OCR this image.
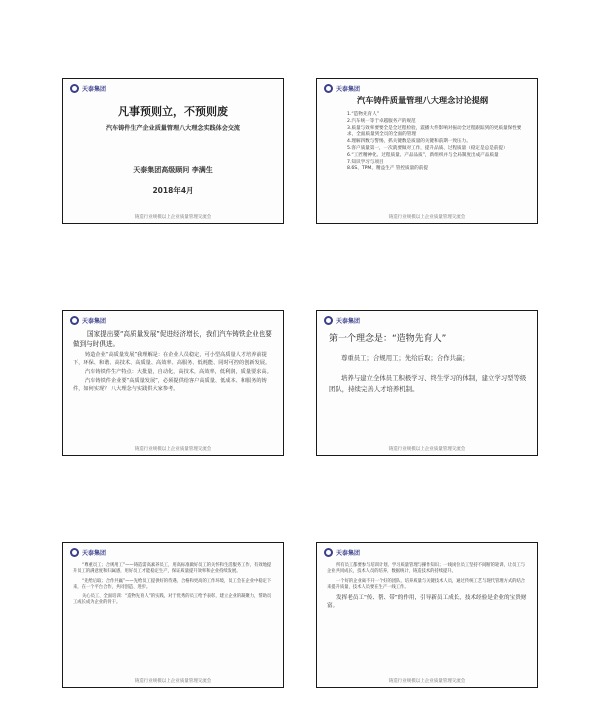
天泰集团
凡事预则立，不预则废
汽车铸件生产企业质量管理八大理念实践体会交流
天泰集团高级顾问 李满生
2018年4月
铸造行业规模以上企业质量管理交流会
天泰集团
汽车铸件质量管理八大理念讨论提纲
1.“造物先育人”
2.汽车统一等于卓越服务产的规范
3.质量与效率要要全是全过程检验，震播大件影响对振动全过程跟踪到的更质量保性要求，全面质量到全员的全面的管理
4.理解四数与警惕，抓关键数是质量的关键和前期一致压力。
5.客户质量第一，一次就要做对工作，提升品质、过程质量（稳定是总是前提）
6.“工匠精神化、过程质量、产品品质”，新组织并与全局制度出成产品质量
7.知识学习与项目
8.6S、TPM、精益生产 管控质量的前提
铸造行业规模以上企业质量管理交流会
天泰集团
国家提出要“高质量发展”促进经济增长，我们汽车铸铁企业也要做到与时俱进。
铸造企业“高质量发展”我理解是：在企业人员稳定，可小型高质量人才培养前提下，环保、和谐、高技术、高质量、高效率、高服务、低耗能、同时可控的创新发展。
汽车铸铁件生产特点：大批量，自动化，高技术，高效率，低利润，质量要求高。
汽车铸铁件企业要“高质量发展”，必须提供给客户高质量、低成本、和服务的铸件，如何实现？ 八大理念与实践供大家参考。
铸造行业规模以上企业质量管理交流会
天泰集团
第一个理念是：“造物先育人”
尊重员工；合规用工；先给后取；合作共赢；
培养与建立全体员工积极学习、终生学习的体制，建立学习型等级团队，持续完善人才培养机制。
铸造行业规模以上企业质量管理交流会
天泰集团
“尊重员工；合规用工”——铸造需高素养员工，用高标准做好员工的关怀和生活服务工作，有效地提升员工的满意度和归属感，用好员工才能稳定生产，保证质量提升效率和企业持续发展。
“先给后取；合作共赢”——先给员工提供好的待遇，合格和更高的工作环境，员工会在企业中稳定下来，在一个平台合作，共同创造、进步。
关心员工、全面培训：“造物先育人”的实践，对于优秀的员工给予表彰，建立企业的凝聚力，帮助员工成长成为企业的骨干。
铸造行业规模以上企业质量管理交流会
天泰集团
所有员工都要参与培训计划，学习质量管理与操作知识；一线岗位员工坚持不间断的轮训，让员工与企业共同成长，技术人员的培养，数据统计，铸造技术的持续提升。
一个好的企业离不开一个好的团队，培养质量与关键技术人员，通过传统工艺与现代管理方式的结合来提升质量，技术人员要在生产一线工作。
发挥老员工“传、帮、带”的作用，引导新员工成长，技术经验是企业的宝贵财富。
铸造行业规模以上企业质量管理交流会
